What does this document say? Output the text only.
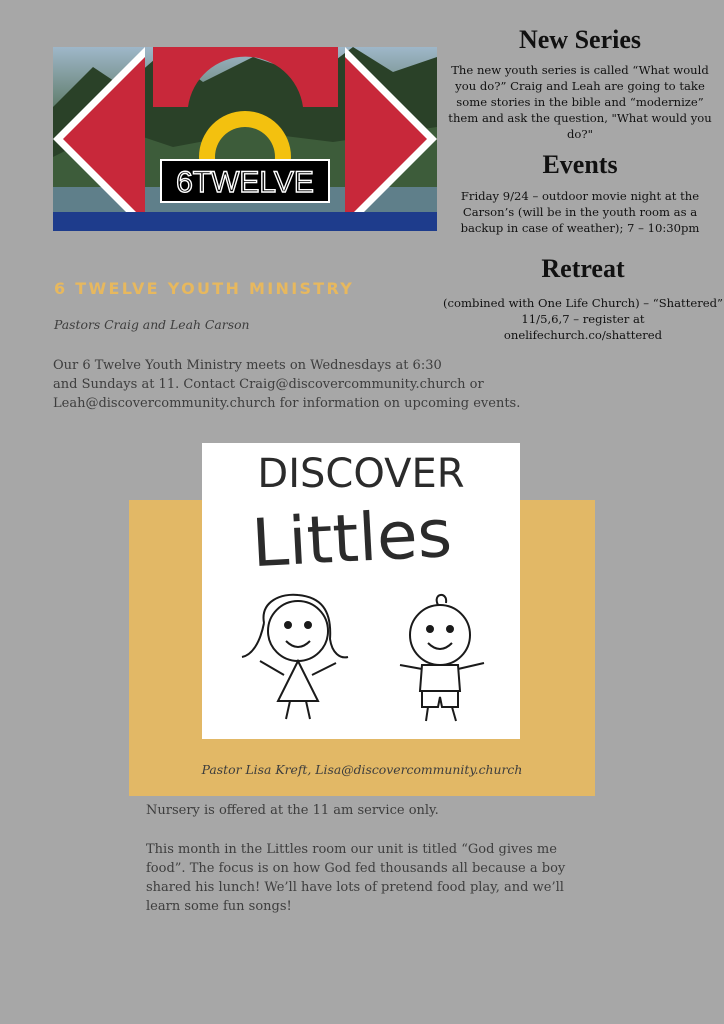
6TWELVE
New Series

The new youth series is called “What would you do?” Craig and Leah are going to take some stories in the bible and “modernize” them and ask the question, "What would you do?"

Events

Friday 9/24 – outdoor movie night at the Carson’s (will be in the youth room as a backup in case of weather); 7 – 10:30pm

Retreat

(combined with One Life Church) – “Shattered” 11/5,6,7 – register at onelifechurch.co/shattered

6 TWELVE YOUTH MINISTRY
Pastors Craig and Leah Carson

Our 6 Twelve Youth Ministry meets on Wednesdays at 6:30

and Sundays at 11. Contact Craig@discovercommunity.church or

Leah@discovercommunity.church for information on upcoming events.

DISCOVER
Littles
Pastor Lisa Kreft, Lisa@discovercommunity.church

Nursery is offered at the 11 am service only.

This month in the Littles room our unit is titled “God gives me food”. The focus is on how God fed thousands all because a boy shared his lunch! We’ll have lots of pretend food play, and we’ll learn some fun songs!
